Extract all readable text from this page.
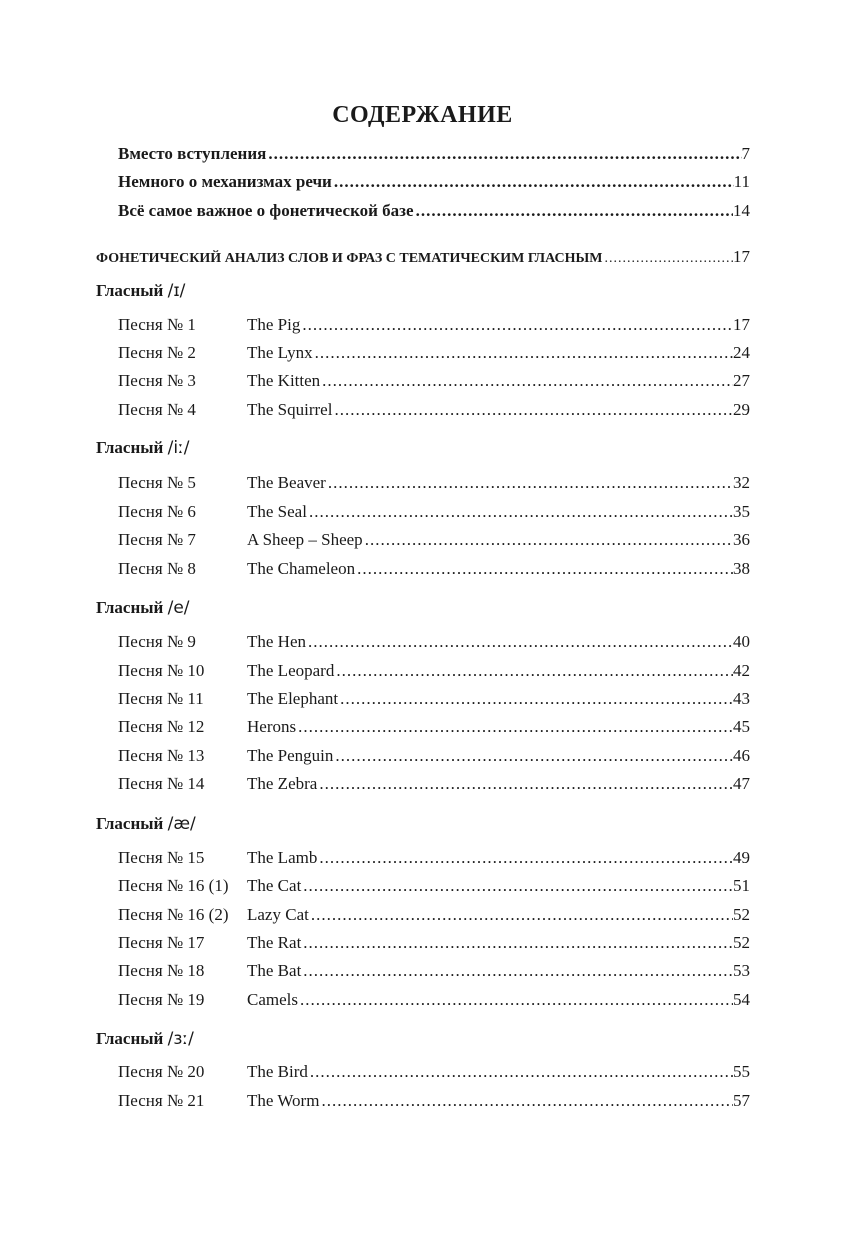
СОДЕРЖАНИЕ
Вместо вступления .....	7
Немного о механизмах речи .....	11
Всё самое важное о фонетической базе .....	14
ФОНЕТИЧЕСКИЙ АНАЛИЗ СЛОВ И ФРАЗ С ТЕМАТИЧЕСКИМ ГЛАСНЫМ .....	17
Гласный /ɪ/
Песня № 1	The Pig .....	17
Песня № 2	The Lynx .....	24
Песня № 3	The Kitten .....	27
Песня № 4	The Squirrel .....	29
Гласный /iː/
Песня № 5	The Beaver .....	32
Песня № 6	The Seal .....	35
Песня № 7	A Sheep – Sheep .....	36
Песня № 8	The Chameleon .....	38
Гласный /e/
Песня № 9	The Hen .....	40
Песня № 10	The Leopard .....	42
Песня № 11	The Elephant .....	43
Песня № 12	Herons .....	45
Песня № 13	The Penguin .....	46
Песня № 14	The Zebra .....	47
Гласный /æ/
Песня № 15	The Lamb .....	49
Песня № 16 (1) The Cat .....	51
Песня № 16 (2) Lazy Cat .....	52
Песня № 17	The Rat .....	52
Песня № 18	The Bat .....	53
Песня № 19	Camels .....	54
Гласный /ɜː/
Песня № 20	The Bird .....	55
Песня № 21	The Worm .....	57
